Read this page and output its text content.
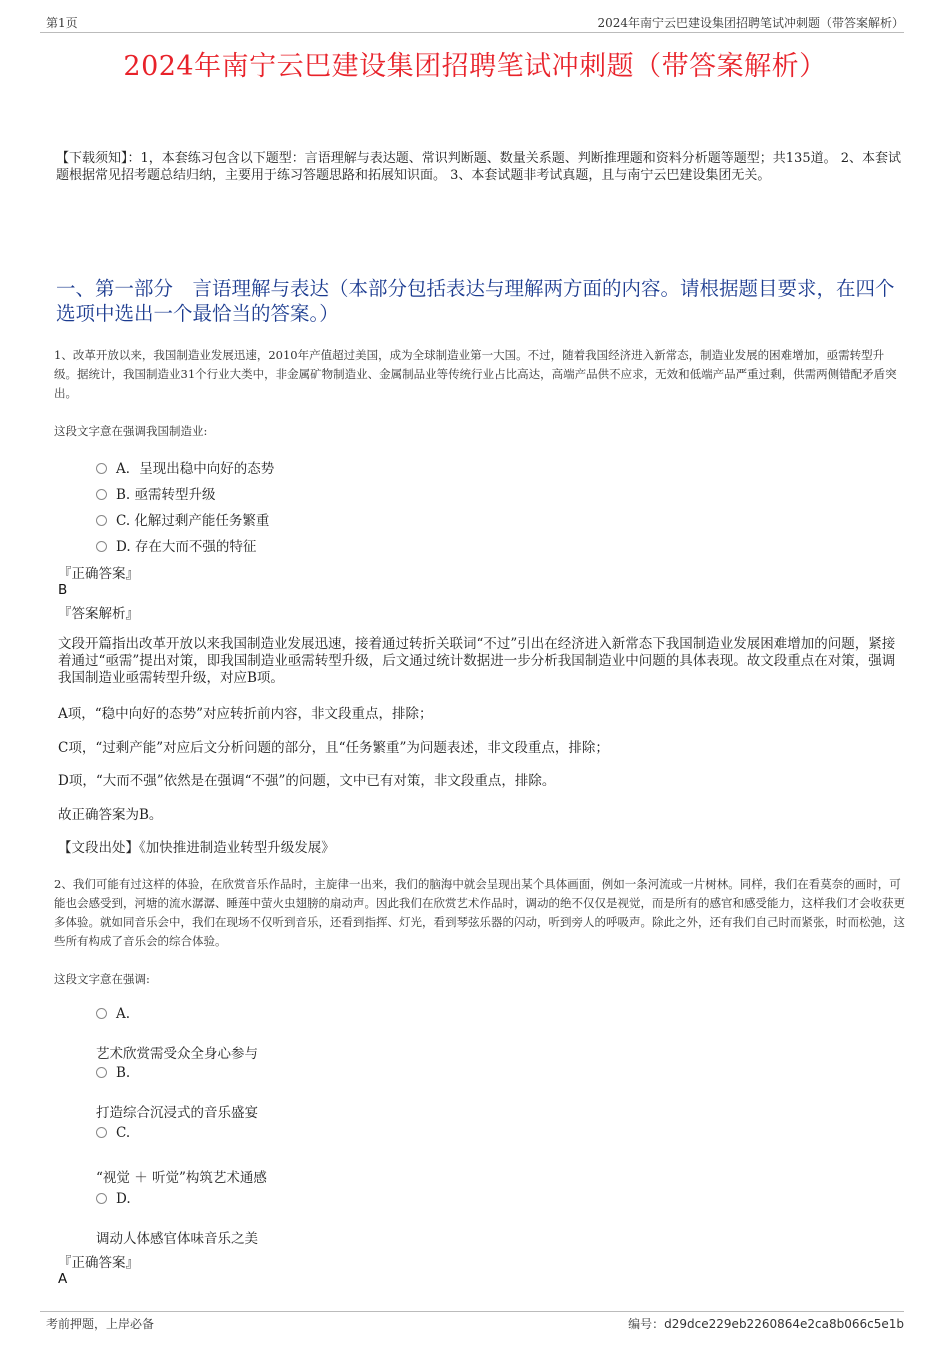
第1页	2024年南宁云巴建设集团招聘笔试冲刺题（带答案解析）
2024年南宁云巴建设集团招聘笔试冲刺题（带答案解析）
【下载须知】：1，本套练习包含以下题型：言语理解与表达题、常识判断题、数量关系题、判断推理题和资料分析题等题型；共135道。 2、本套试题根据常见招考题总结归纳，主要用于练习答题思路和拓展知识面。 3、本套试题非考试真题，且与南宁云巴建设集团无关。
一、第一部分　言语理解与表达（本部分包括表达与理解两方面的内容。请根据题目要求，在四个选项中选出一个最恰当的答案。）
1、改革开放以来，我国制造业发展迅速，2010年产值超过美国，成为全球制造业第一大国。不过，随着我国经济进入新常态，制造业发展的困难增加，亟需转型升级。据统计，我国制造业31个行业大类中，非金属矿物制造业、金属制品业等传统行业占比高达，高端产品供不应求，无效和低端产品严重过剩，供需两侧错配矛盾突出。
这段文字意在强调我国制造业:
A．呈现出稳中向好的态势
B. 亟需转型升级
C. 化解过剩产能任务繁重
D. 存在大而不强的特征
『正确答案』
B
『答案解析』
文段开篇指出改革开放以来我国制造业发展迅速，接着通过转折关联词“不过”引出在经济进入新常态下我国制造业发展困难增加的问题，紧接着通过“亟需”提出对策，即我国制造业亟需转型升级，后文通过统计数据进一步分析我国制造业中问题的具体表现。故文段重点在对策，强调我国制造业亟需转型升级，对应B项。
A项，“稳中向好的态势”对应转折前内容，非文段重点，排除；
C项，“过剩产能”对应后文分析问题的部分，且“任务繁重”为问题表述，非文段重点，排除；
D项，“大而不强”依然是在强调“不强”的问题，文中已有对策，非文段重点，排除。
故正确答案为B。
【文段出处】《加快推进制造业转型升级发展》
2、我们可能有过这样的体验，在欣赏音乐作品时，主旋律一出来，我们的脑海中就会呈现出某个具体画面，例如一条河流或一片树林。同样，我们在看莫奈的画时，可能也会感受到，河塘的流水潺潺、睡莲中萤火虫翅膀的扇动声。因此我们在欣赏艺术作品时，调动的绝不仅仅是视觉，而是所有的感官和感受能力，这样我们才会收获更多体验。就如同音乐会中，我们在现场不仅听到音乐，还看到指挥、灯光，看到琴弦乐器的闪动，听到旁人的呼吸声。除此之外，还有我们自己时而紧张，时而松弛，这些所有构成了音乐会的综合体验。
这段文字意在强调:
A.
艺术欣赏需受众全身心参与
B.
打造综合沉浸式的音乐盛宴
C.
“视觉 ＋ 听觉”构筑艺术通感
D.
调动人体感官体味音乐之美
『正确答案』
A
考前押题，上岸必备	编号：d29dce229eb2260864e2ca8b066c5e1b
